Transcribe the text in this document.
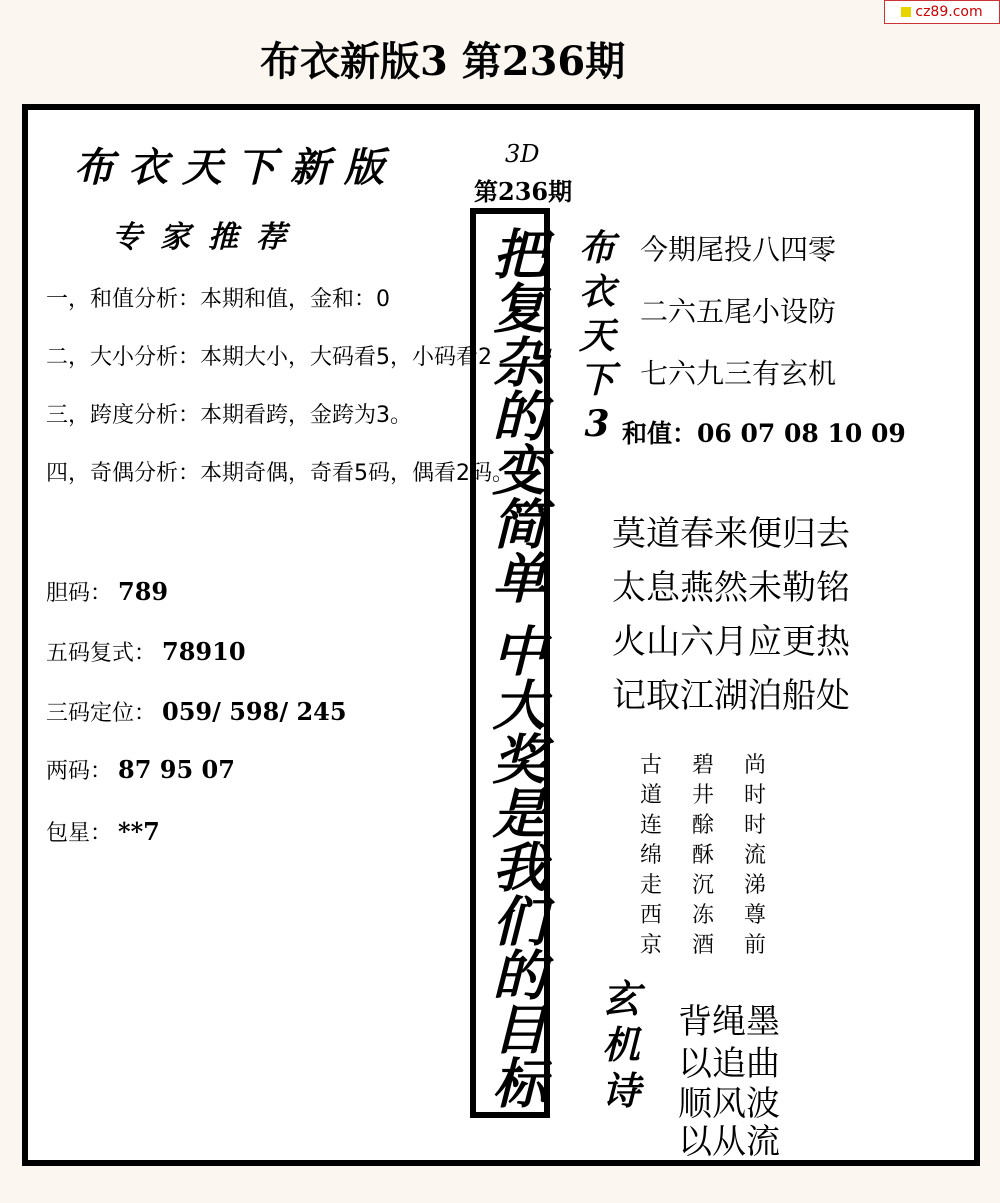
cz89.com
布衣新版3 第236期
布衣天下新版
专家推荐
一，和值分析：本期和值，金和：0
二，大小分析：本期大小，大码看5，小码看2
三，跨度分析：本期看跨，金跨为3。
四，奇偶分析：本期奇偶，奇看5码，偶看2码。
胆码： 789
五码复式： 78910
三码定位： 059/ 598/ 245
两码： 87 95 07
包星： **7
3D
第236期
把复杂的变简单 中大奖是我们的目标 布衣天下3
今期尾投八四零
二六五尾小设防
七六九三有玄机
和值：06 07 08 10 09
莫道春来便归去
太息燕然未勒铭
火山六月应更热
记取江湖泊船处
古	碧	尚
道	井	时
连	酴	时
绵	酥	流
走	沉	涕
西	冻	尊
京	酒	前
玄机诗
背绳墨
以追曲
顺风波
以从流
